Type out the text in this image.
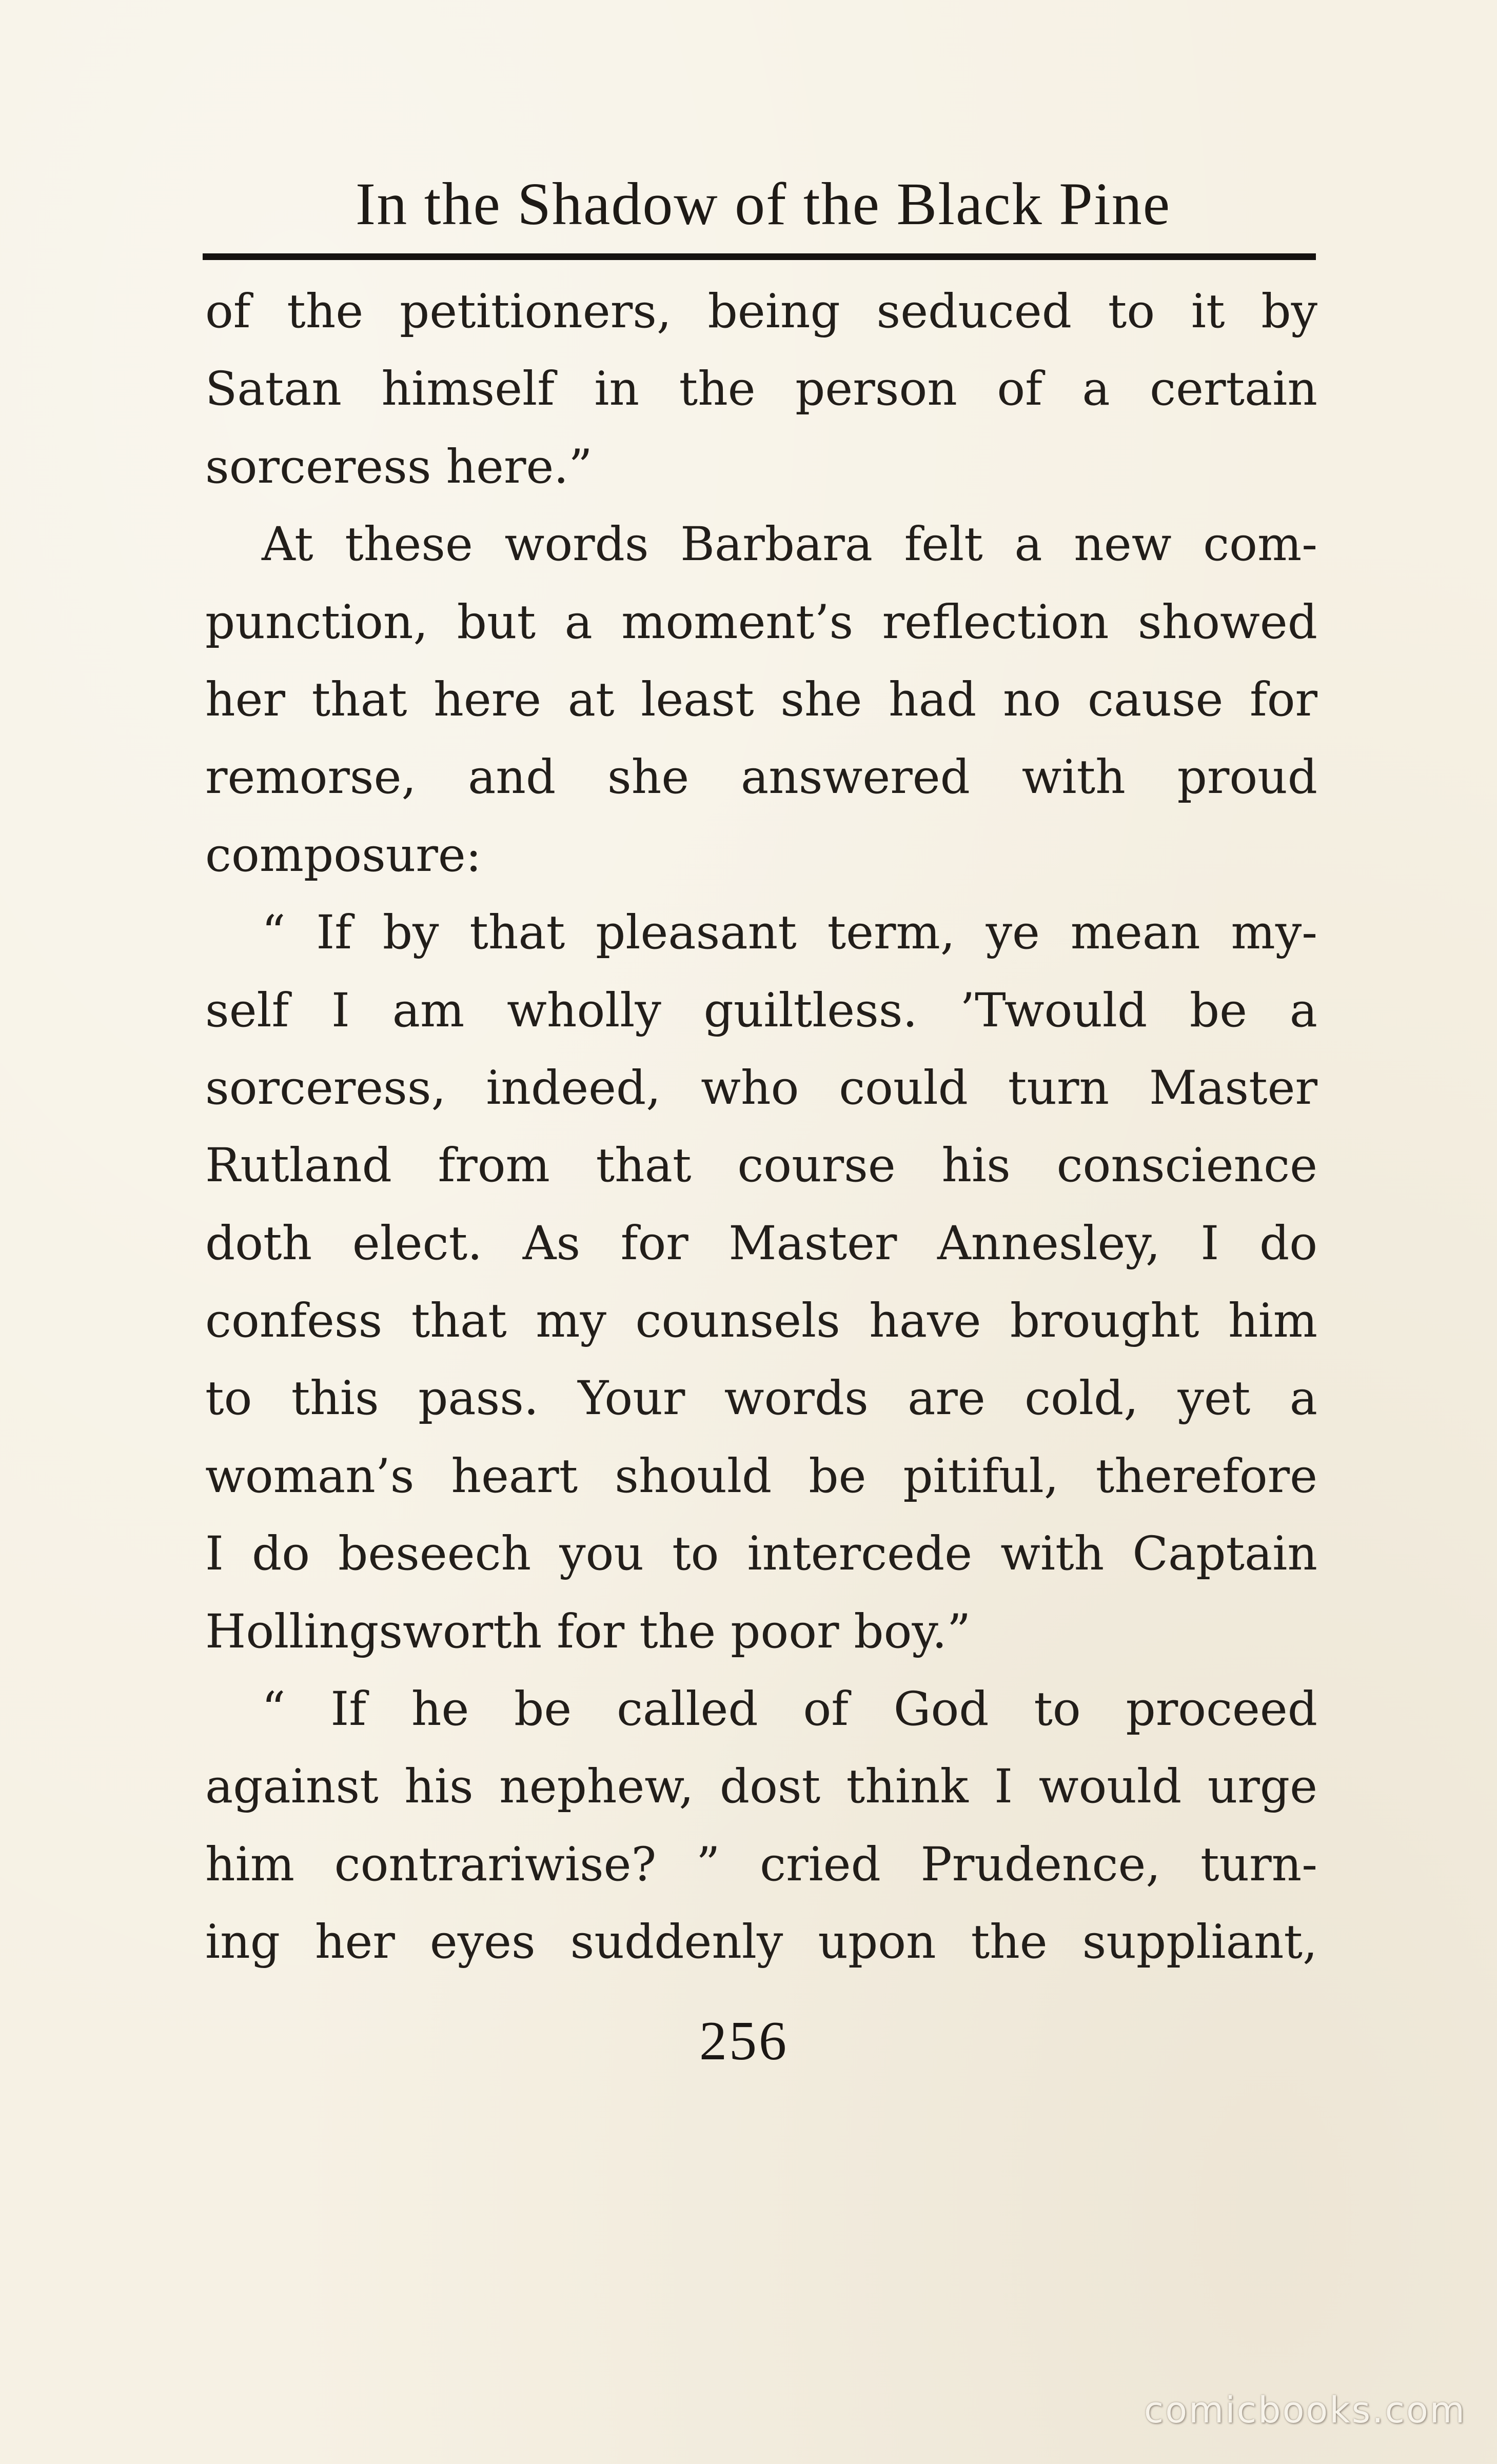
In the Shadow of the Black Pine
of the petitioners, being seduced to it by
Satan himself in the person of a certain
sorceress here.”
At these words Barbara felt a new com-
punction, but a moment’s reflection showed
her that here at least she had no cause for
remorse, and she answered with proud
composure:
“ If by that pleasant term, ye mean my-
self I am wholly guiltless. ’Twould be a
sorceress, indeed, who could turn Master
Rutland from that course his conscience
doth elect. As for Master Annesley, I do
confess that my counsels have brought him
to this pass. Your words are cold, yet a
woman’s heart should be pitiful, therefore
I do beseech you to intercede with Captain
Hollingsworth for the poor boy.”
“ If he be called of God to proceed
against his nephew, dost think I would urge
him contrariwise? ” cried Prudence, turn-
ing her eyes suddenly upon the suppliant,
256
comicbooks.com
